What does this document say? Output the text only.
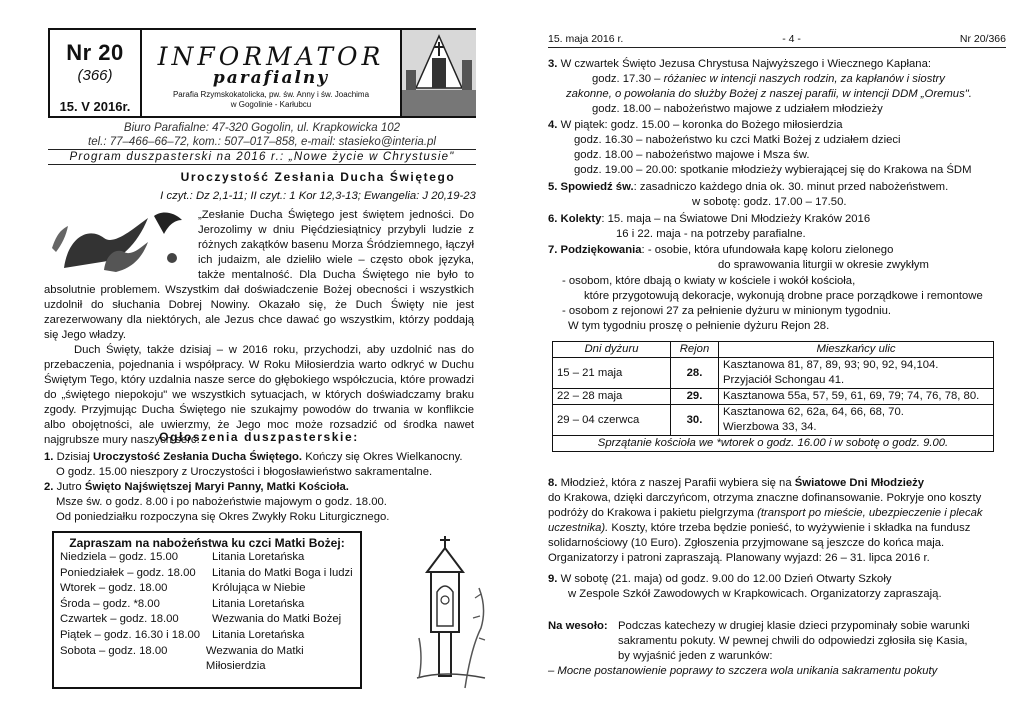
Nr 20
(366)
15. V 2016r.
INFORMATOR
parafialny
Parafia Rzymskokatolicka, pw. św. Anny i św. Joachima
w Gogolinie - Karłubcu
Biuro Parafialne: 47-320 Gogolin, ul. Krapkowicka 102
tel.: 77–466–66–72, kom.: 507–017–858, e-mail: stasieko@interia.pl
Program duszpasterski na 2016 r.: „Nowe życie w Chrystusie"
Uroczystość Zesłania Ducha Świętego
I czyt.: Dz 2,1-11; II czyt.: 1 Kor 12,3-13; Ewangelia: J 20,19-23

„Zesłanie Ducha Świętego jest świętem jedności. Do Jerozolimy w dniu Pięćdziesiątnicy przybyli ludzie z różnych zakątków basenu Morza Śródziemnego, łączył ich judaizm, ale dzieliło wiele – często obok języka, także mentalność. Dla Ducha Świętego nie było to absolutnie problemem. Wszystkim dał doświadczenie Bożej obecności i wszystkich uzdolnił do słuchania Dobrej Nowiny. Okazało się, że Duch Święty nie jest zarezerwowany dla niektórych, ale Jezus chce dawać go wszystkim, którzy poddają się Jego władzy.

Duch Święty, także dzisiaj – w 2016 roku, przychodzi, aby uzdolnić nas do przebaczenia, pojednania i współpracy. W Roku Miłosierdzia warto odkryć w Duchu Świętym Tego, który uzdalnia nasze serce do głębokiego współczucia, które prowadzi do „świętego niepokoju" we wszystkich sytuacjach, w których doświadczamy braku zgody. Przyjmując Ducha Świętego nie szukajmy powodów do trwania w konflikcie albo obojętności, ale uwierzmy, że Jego moc może rozsadzić od środka nawet najgrubsze mury naszych serc.

Ogłoszenia duszpasterskie:
1. Dzisiaj Uroczystość Zesłania Ducha Świętego. Kończy się Okres Wielkanocny.
O godz. 15.00 nieszpory z Uroczystości i błogosławieństwo sakramentalne.
2. Jutro Święto Najświętszej Maryi Panny, Matki Kościoła.
Msze św. o godz. 8.00 i po nabożeństwie majowym o godz. 18.00.
Od poniedziałku rozpoczyna się Okres Zwykły Roku Liturgicznego.
Zapraszam na nabożeństwa ku czci Matki Bożej:
Niedziela – godz. 15.00	Litania Loretańska
Poniedziałek – godz. 18.00	Litania do Matki Boga i ludzi
Wtorek – godz. 18.00	Królująca w Niebie
Środa – godz. *8.00	Litania Loretańska
Czwartek – godz. 18.00	Wezwania do Matki Bożej
Piątek – godz. 16.30 i 18.00	Litania Loretańska
Sobota – godz. 18.00	Wezwania do Matki Miłosierdzia
15. maja 2016 r.	- 4 -	Nr 20/366
3. W czwartek Święto Jezusa Chrystusa Najwyższego i Wiecznego Kapłana:
godz. 17.30 – różaniec w intencji naszych rodzin, za kapłanów i siostry
zakonne, o powołania do służby Bożej z naszej parafii, w intencji DDM „Oremus".
godz. 18.00 – nabożeństwo majowe z udziałem młodzieży
4. W piątek: godz. 15.00 – koronka do Bożego miłosierdzia
godz. 16.30 – nabożeństwo ku czci Matki Bożej z udziałem dzieci
godz. 18.00 – nabożeństwo majowe i Msza św.
godz. 19.00 – 20.00: spotkanie młodzieży wybierającej się do Krakowa na ŚDM
5. Spowiedź św.: zasadniczo każdego dnia ok. 30. minut przed nabożeństwem.
w sobotę: godz. 17.00 – 17.50.
6. Kolekty: 15. maja – na Światowe Dni Młodzieży Kraków 2016
16 i 22. maja - na potrzeby parafialne.
7. Podziękowania: - osobie, która ufundowała kapę koloru zielonego
do sprawowania liturgii w okresie zwykłym
- osobom, które dbają o kwiaty w kościele i wokół kościoła,
które przygotowują dekoracje, wykonują drobne prace porządkowe i remontowe
- osobom z rejonowi 27 za pełnienie dyżuru w minionym tygodniu.
W tym tygodniu proszę o pełnienie dyżuru Rejon 28.
Dni dyżuru	Rejon	Mieszkańcy ulic
15 – 21 maja	28.	Kasztanowa 81, 87, 89, 93; 90, 92, 94,104.
Przyjaciół Schongau 41.

22 – 28 maja	29.	Kasztanowa 55a, 57, 59, 61, 69, 79; 74, 76, 78, 80.

29 – 04 czerwca	30.	Kasztanowa 62, 62a, 64, 66, 68, 70.
Wierzbowa 33, 34.

Sprzątanie kościoła we *wtorek o godz. 16.00 i w sobotę o godz. 9.00.		
8. Młodzież, która z naszej Parafii wybiera się na Światowe Dni Młodzieży
do Krakowa, dzięki darczyńcom, otrzyma znaczne dofinansowanie. Pokryje ono koszty
podróży do Krakowa i pakietu pielgrzyma (transport po mieście, ubezpieczenie i plecak
uczestnika). Koszty, które trzeba będzie ponieść, to wyżywienie i składka na fundusz
solidarnościowy (10 Euro). Zgłoszenia przyjmowane są jeszcze do końca maja.
Organizatorzy i patroni zapraszają. Planowany wyjazd: 26 – 31. lipca 2016 r.
9. W sobotę (21. maja) od godz. 9.00 do 12.00 Dzień Otwarty Szkoły
w Zespole Szkół Zawodowych w Krapkowicach. Organizatorzy zapraszają.
Na wesoło: Podczas katechezy w drugiej klasie dzieci przypominały sobie warunki
sakramentu pokuty. W pewnej chwili do odpowiedzi zgłosiła się Kasia,
by wyjaśnić jeden z warunków:
– Mocne postanowienie poprawy to szczera wola unikania sakramentu pokuty
